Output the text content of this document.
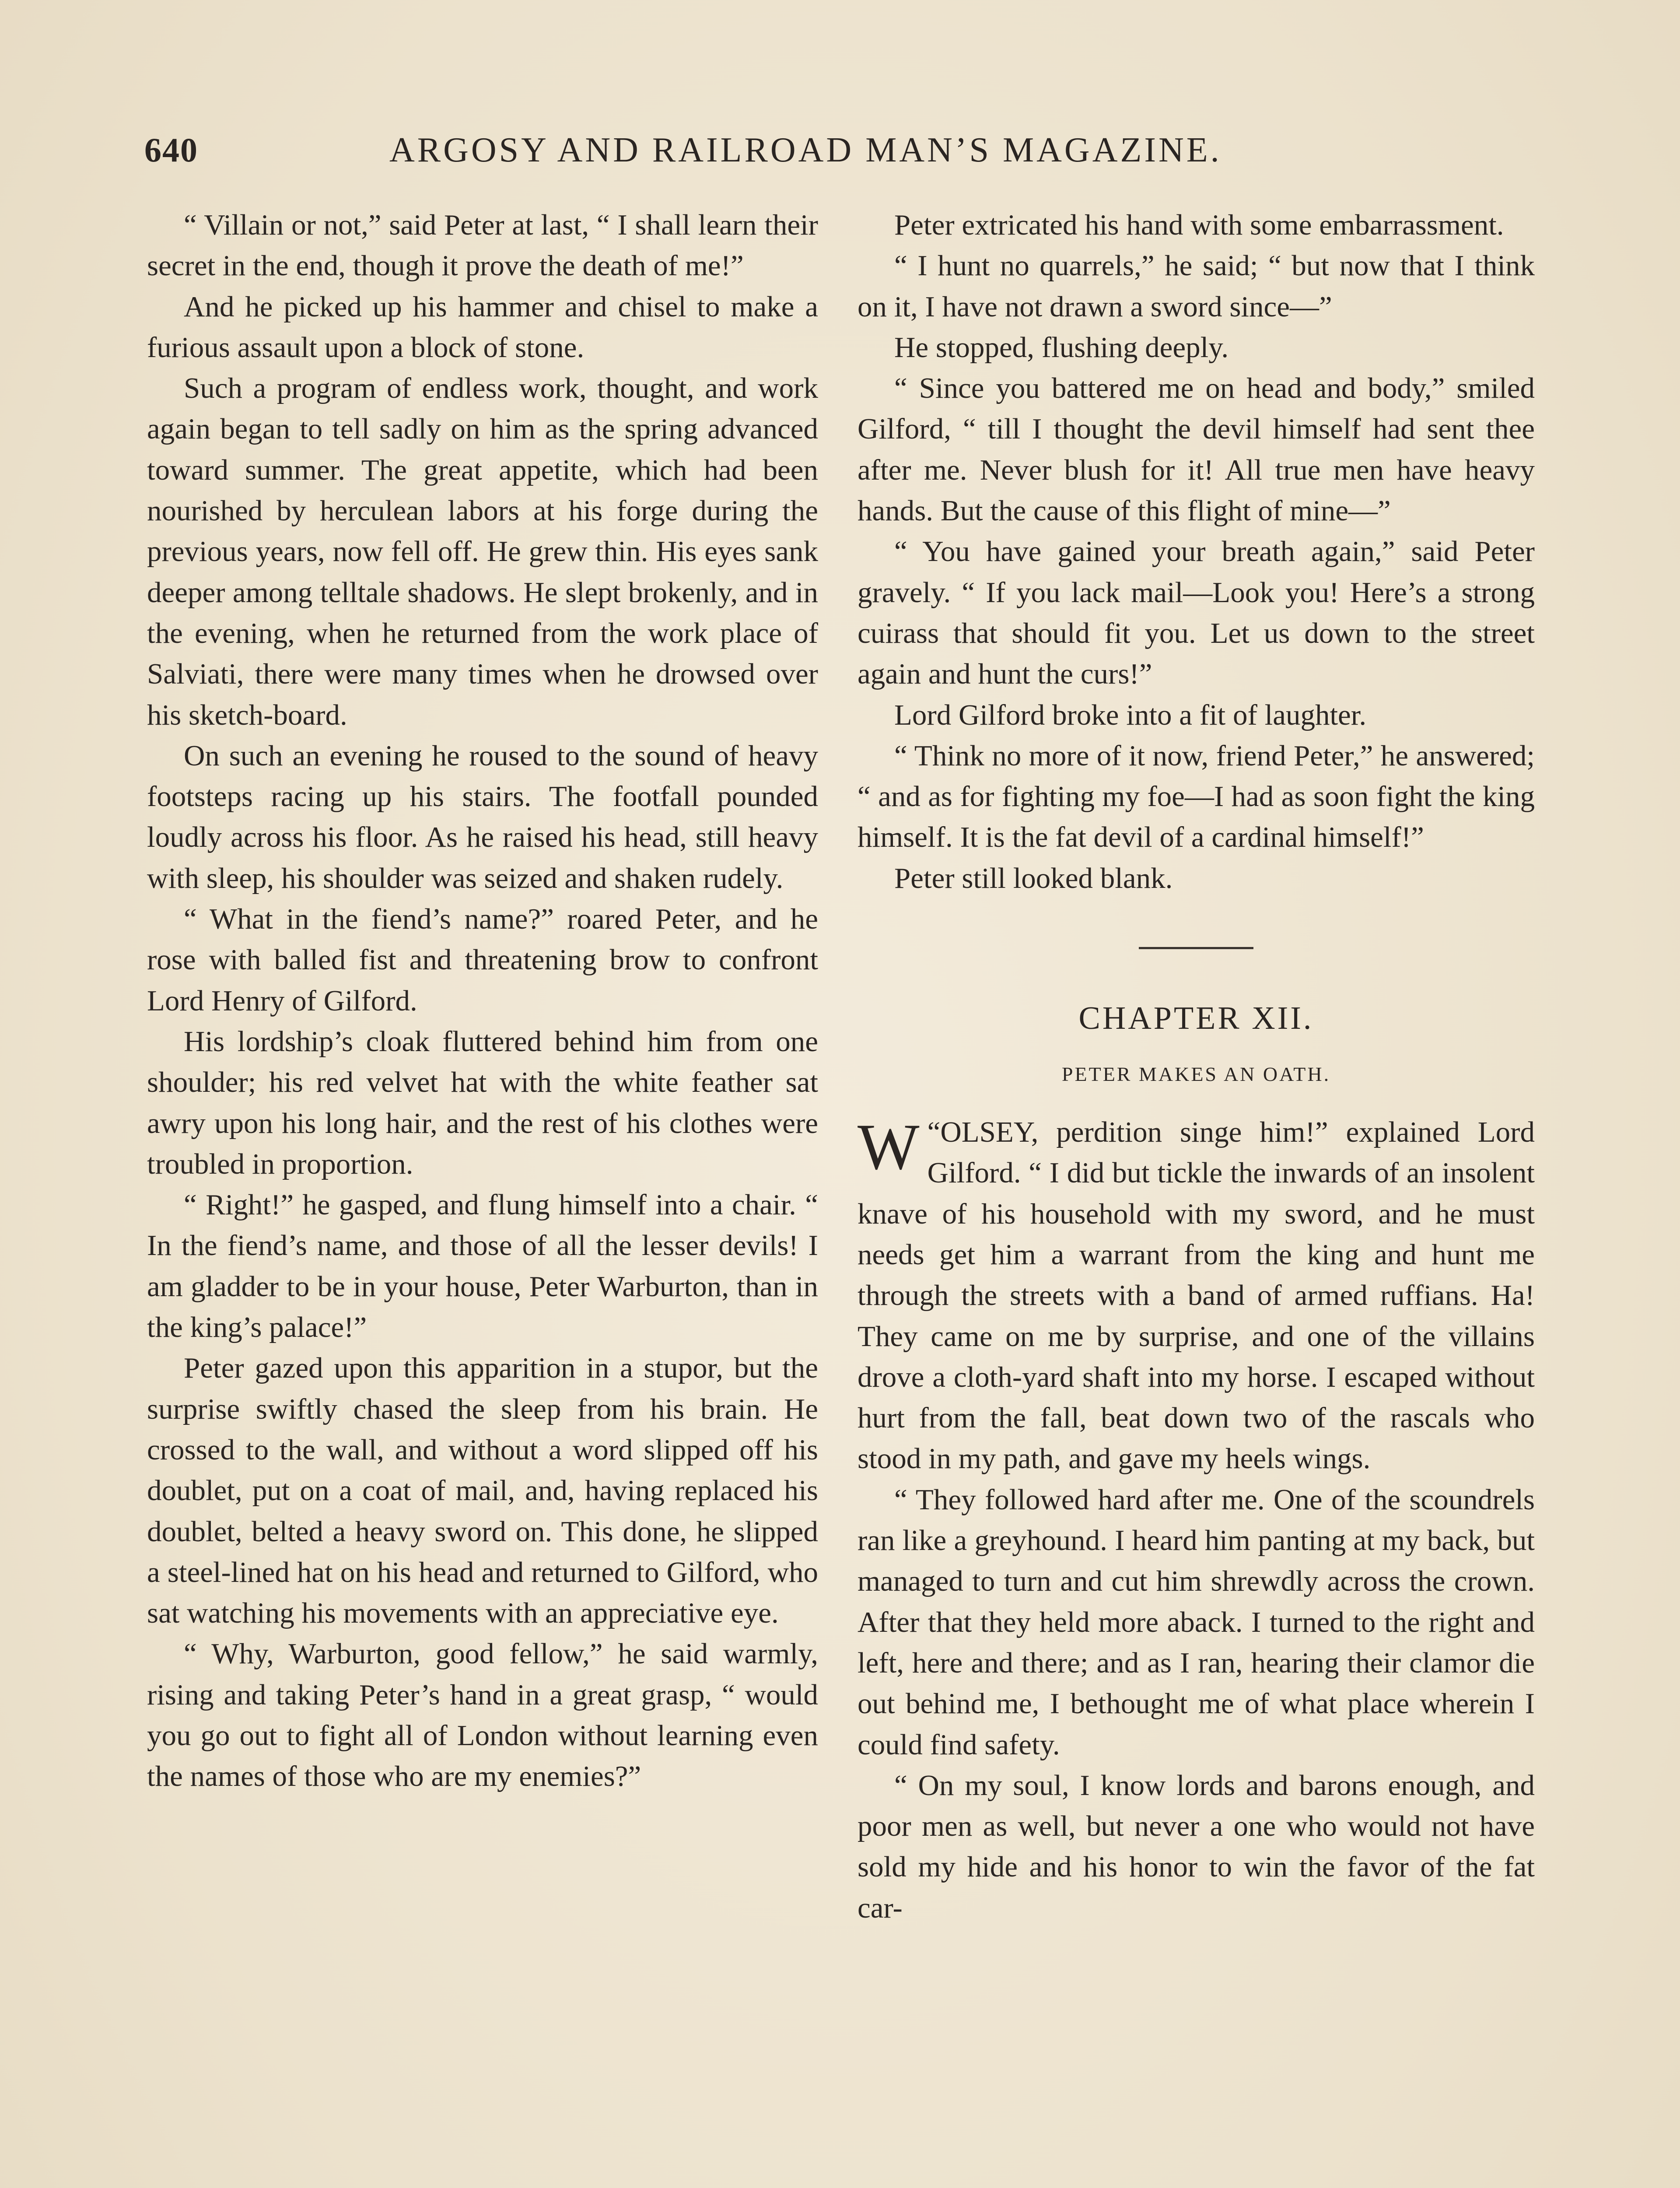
640	ARGOSY AND RAILROAD MAN’S MAGAZINE.

“ Villain or not,” said Peter at last, “ I shall learn their secret in the end, though it prove the death of me!”

And he picked up his hammer and chisel to make a furious assault upon a block of stone.

Such a program of endless work, thought, and work again began to tell sadly on him as the spring advanced toward summer. The great appetite, which had been nourished by herculean labors at his forge during the previous years, now fell off. He grew thin. His eyes sank deeper among telltale shadows. He slept brokenly, and in the evening, when he returned from the work place of Salviati, there were many times when he drowsed over his sketch-board.

On such an evening he roused to the sound of heavy footsteps racing up his stairs. The footfall pounded loudly across his floor. As he raised his head, still heavy with sleep, his shoulder was seized and shaken rudely.

“ What in the fiend’s name?” roared Peter, and he rose with balled fist and threatening brow to confront Lord Henry of Gilford.

His lordship’s cloak fluttered behind him from one shoulder; his red velvet hat with the white feather sat awry upon his long hair, and the rest of his clothes were troubled in proportion.

“ Right!” he gasped, and flung himself into a chair. “ In the fiend’s name, and those of all the lesser devils! I am gladder to be in your house, Peter Warburton, than in the king’s palace!”

Peter gazed upon this apparition in a stupor, but the surprise swiftly chased the sleep from his brain. He crossed to the wall, and without a word slipped off his doublet, put on a coat of mail, and, having replaced his doublet, belted a heavy sword on. This done, he slipped a steel-lined hat on his head and returned to Gilford, who sat watching his movements with an appreciative eye.

“ Why, Warburton, good fellow,” he said warmly, rising and taking Peter’s hand in a great grasp, “ would you go out to fight all of London without learning even the names of those who are my enemies?”

Peter extricated his hand with some embarrassment.

“ I hunt no quarrels,” he said; “ but now that I think on it, I have not drawn a sword since—”

He stopped, flushing deeply.

“ Since you battered me on head and body,” smiled Gilford, “ till I thought the devil himself had sent thee after me. Never blush for it! All true men have heavy hands. But the cause of this flight of mine—”

“ You have gained your breath again,” said Peter gravely. “ If you lack mail—Look you! Here’s a strong cuirass that should fit you. Let us down to the street again and hunt the curs!”

Lord Gilford broke into a fit of laughter.

“ Think no more of it now, friend Peter,” he answered; “ and as for fighting my foe—I had as soon fight the king himself. It is the fat devil of a cardinal himself!”

Peter still looked blank.

CHAPTER XII.
PETER MAKES AN OATH.

“
W OLSEY, perdition singe him!” explained Lord Gilford. “ I did but tickle the inwards of an insolent knave of his household with my sword, and he must needs get him a warrant from the king and hunt me through the streets with a band of armed ruffians. Ha! They came on me by surprise, and one of the villains drove a cloth-yard shaft into my horse. I escaped without hurt from the fall, beat down two of the rascals who stood in my path, and gave my heels wings.

“ They followed hard after me. One of the scoundrels ran like a greyhound. I heard him panting at my back, but managed to turn and cut him shrewdly across the crown. After that they held more aback. I turned to the right and left, here and there; and as I ran, hearing their clamor die out behind me, I bethought me of what place wherein I could find safety.

“ On my soul, I know lords and barons enough, and poor men as well, but never a one who would not have sold my hide and his honor to win the favor of the fat car-
